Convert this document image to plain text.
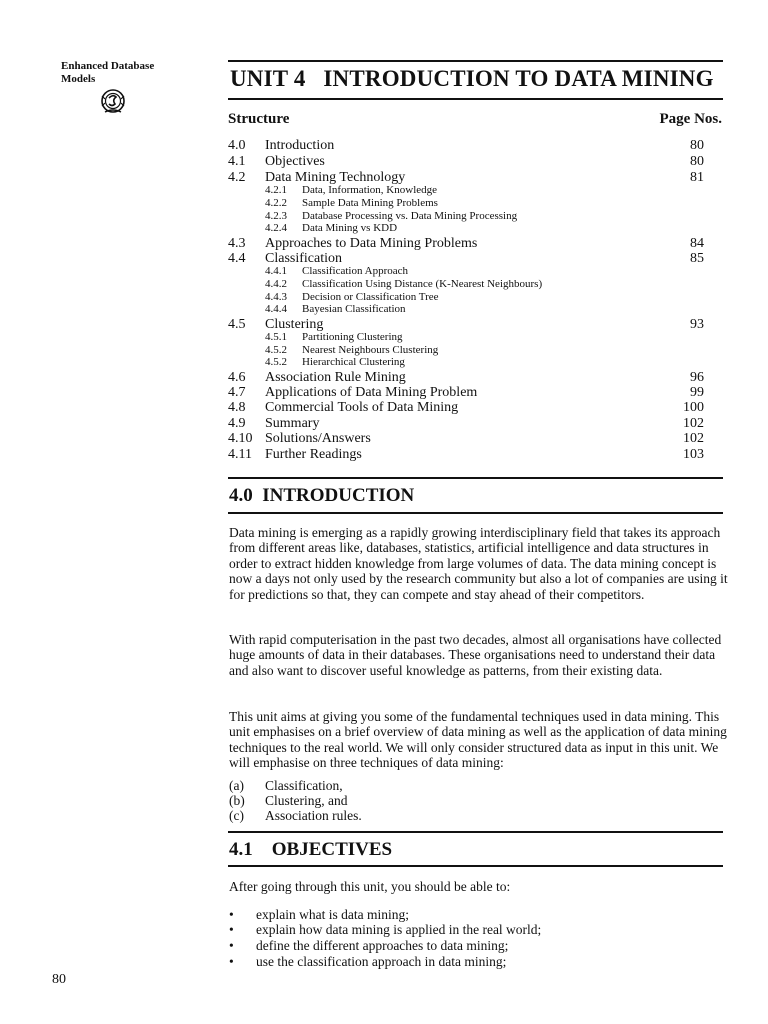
Enhanced Database
Models	UNIT 4   INTRODUCTION TO DATA MINING
Structure	Page Nos.
4.0 Introduction	80
4.1 Objectives	80
4.2 Data Mining Technology	81
4.2.1 Data, Information, Knowledge
4.2.2 Sample Data Mining Problems
4.2.3 Database Processing vs. Data Mining Processing
4.2.4 Data Mining vs KDD
4.3 Approaches to Data Mining Problems	84
4.4 Classification	85
4.4.1 Classification Approach
4.4.2 Classification Using Distance (K-Nearest Neighbours)
4.4.3 Decision or Classification Tree
4.4.4 Bayesian Classification
4.5 Clustering	93
4.5.1 Partitioning Clustering
4.5.2 Nearest Neighbours Clustering
4.5.2 Hierarchical Clustering
4.6 Association Rule Mining	96
4.7 Applications of Data Mining Problem	99
4.8 Commercial Tools of Data Mining	100
4.9 Summary	102
4.10 Solutions/Answers	102
4.11 Further Readings	103
4.0  INTRODUCTION
Data mining is emerging as a rapidly growing interdisciplinary field that takes its approach from different areas like, databases, statistics, artificial intelligence and data structures in order to extract hidden knowledge from large volumes of data. The data mining concept is now a days not only used by the research community but also a lot of companies are using it for predictions so that, they can compete and stay ahead of their competitors.
With rapid computerisation in the past two decades, almost all organisations have collected huge amounts of data in their databases. These organisations need to understand their data and also want to discover useful knowledge as patterns, from their existing data.
This unit aims at giving you some of the fundamental techniques used in data mining. This unit emphasises on a brief overview of data mining as well as the application of data mining techniques to the real world. We will only consider structured data as input in this unit. We will emphasise on three techniques of data mining:
(a) Classification,
(b) Clustering, and
(c) Association rules.
4.1    OBJECTIVES
After going through this unit, you should be able to:
• explain what is data mining;
• explain how data mining is applied in the real world;
• define the different approaches to data mining;
• use the classification approach in data mining;
80
